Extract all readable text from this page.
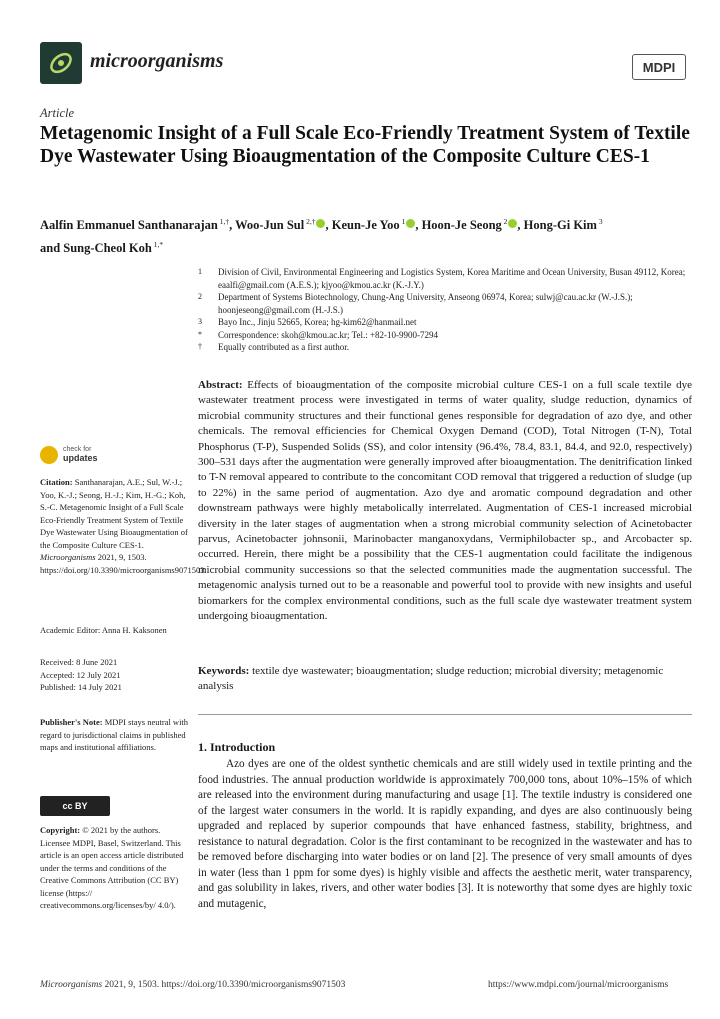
microorganisms	MDPI
Article
Metagenomic Insight of a Full Scale Eco-Friendly Treatment System of Textile Dye Wastewater Using Bioaugmentation of the Composite Culture CES-1
Aalfin Emmanuel Santhanarajan $^{1,\dagger}$, Woo-Jun Sul $^{2,\dagger}$ , Keun-Je Yoo $^1$ , Hoon-Je Seong $^2$ , Hong-Gi Kim $^3$
and Sung-Cheol Koh $^{1,*}$
1	Division of Civil, Environmental Engineering and Logistics System, Korea Maritime and Ocean University, Busan 49112, Korea; eaalfi@gmail.com (A.E.S.); kjyoo@kmou.ac.kr (K.-J.Y.)
2	Department of Systems Biotechnology, Chung-Ang University, Anseong 06974, Korea; sulwj@cau.ac.kr (W.-J.S.); hoonjeseong@gmail.com (H.-J.S.)
3	Bayo Inc., Jinju 52665, Korea; hg-kim62@hanmail.net
*	Correspondence: skoh@kmou.ac.kr; Tel.: +82-10-9900-7294
†	Equally contributed as a first author.
check for
updates
Citation: Santhanarajan, A.E.; Sul, W.-J.; Yoo, K.-J.; Seong, H.-J.; Kim, H.-G.; Koh, S.-C. Metagenomic Insight of a Full Scale Eco-Friendly Treatment System of Textile Dye Wastewater Using Bioaugmentation of the Composite Culture CES-1. Microorganisms 2021, 9, 1503. https://doi.org/10.3390/microorganisms9071503
Academic Editor: Anna H. Kaksonen
Received: 8 June 2021
Accepted: 12 July 2021
Published: 14 July 2021
Publisher's Note: MDPI stays neutral with regard to jurisdictional claims in published maps and institutional affiliations.
cc BY
Copyright: © 2021 by the authors. Licensee MDPI, Basel, Switzerland. This article is an open access article distributed under the terms and conditions of the Creative Commons Attribution (CC BY) license (https:// creativecommons.org/licenses/by/ 4.0/).
Abstract: Effects of bioaugmentation of the composite microbial culture CES-1 on a full scale textile dye wastewater treatment process were investigated in terms of water quality, sludge reduction, dynamics of microbial community structures and their functional genes responsible for degradation of azo dye, and other chemicals. The removal efficiencies for Chemical Oxygen Demand (COD), Total Nitrogen (T-N), Total Phosphorus (T-P), Suspended Solids (SS), and color intensity (96.4%, 78.4, 83.1, 84.4, and 92.0, respectively) 300–531 days after the augmentation were generally improved after bioaugmentation. The denitrification linked to T-N removal appeared to contribute to the concomitant COD removal that triggered a reduction of sludge (up to 22%) in the same period of augmentation. Azo dye and aromatic compound degradation and other downstream pathways were highly metabolically interrelated. Augmentation of CES-1 increased microbial diversity in the later stages of augmentation when a strong microbial community selection of Acinetobacter parvus, Acinetobacter johnsonii, Marinobacter manganoxydans, Vermiphilobacter sp., and Arcobacter sp. occurred. Herein, there might be a possibility that the CES-1 augmentation could facilitate the indigenous microbial community successions so that the selected communities made the augmentation successful. The metagenomic analysis turned out to be a reasonable and powerful tool to provide with new insights and useful biomarkers for the complex environmental conditions, such as the full scale dye wastewater treatment system undergoing bioaugmentation.
Keywords: textile dye wastewater; bioaugmentation; sludge reduction; microbial diversity; metagenomic analysis
1. Introduction
Azo dyes are one of the oldest synthetic chemicals and are still widely used in textile printing and the food industries. The annual production worldwide is approximately 700,000 tons, about 10%–15% of which are released into the environment during manufacturing and usage [1]. The textile industry is considered one of the largest water consumers in the world. It is rapidly expanding, and dyes are also continuously being upgraded and replaced by superior compounds that have enhanced fastness, stability, brightness, and resistance to natural degradation. Color is the first contaminant to be recognized in the wastewater and has to be removed before discharging into water bodies or on land [2]. The presence of very small amounts of dyes in water (less than 1 ppm for some dyes) is highly visible and affects the aesthetic merit, water transparency, and gas solubility in lakes, rivers, and other water bodies [3]. It is noteworthy that some dyes are highly toxic and mutagenic,
Microorganisms 2021, 9, 1503. https://doi.org/10.3390/microorganisms9071503	https://www.mdpi.com/journal/microorganisms
